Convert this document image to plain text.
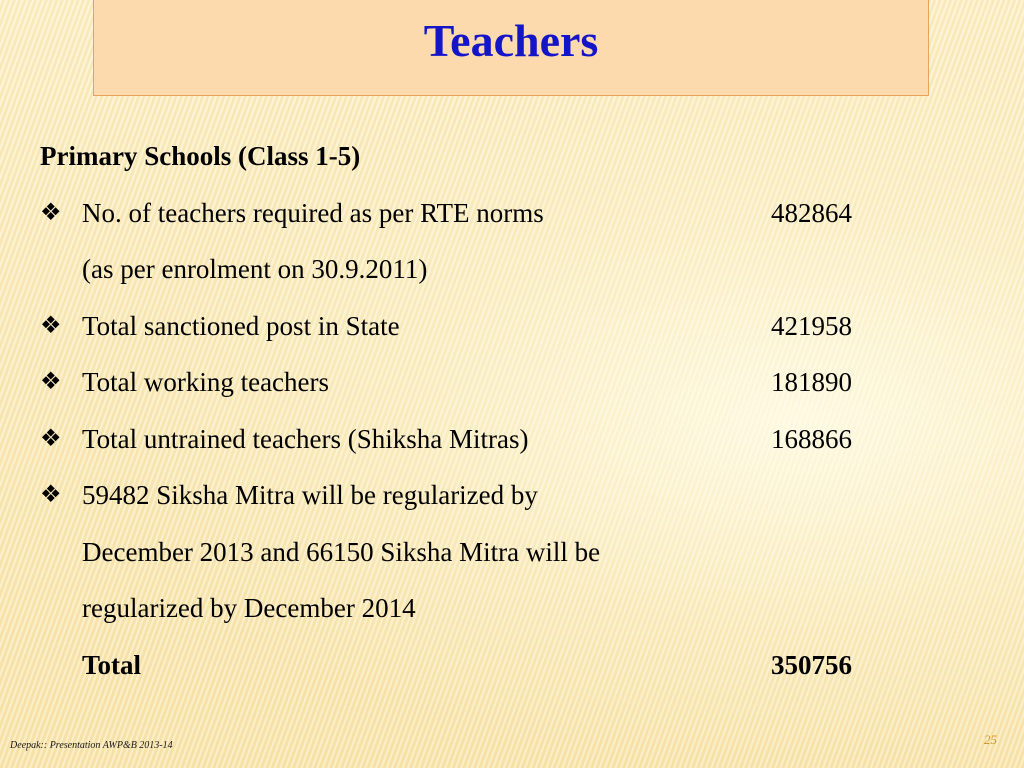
Teachers
Primary Schools (Class 1-5)
❖ No. of teachers required as per RTE norms	482864
(as per enrolment on 30.9.2011)
❖ Total sanctioned post in State	421958
❖ Total working teachers	181890
❖ Total untrained teachers (Shiksha Mitras)	168866
❖ 59482 Siksha Mitra will be regularized by
December 2013 and 66150 Siksha Mitra will be
regularized by December 2014
Total	350756
Deepak:: Presentation AWP&B 2013-14	25
